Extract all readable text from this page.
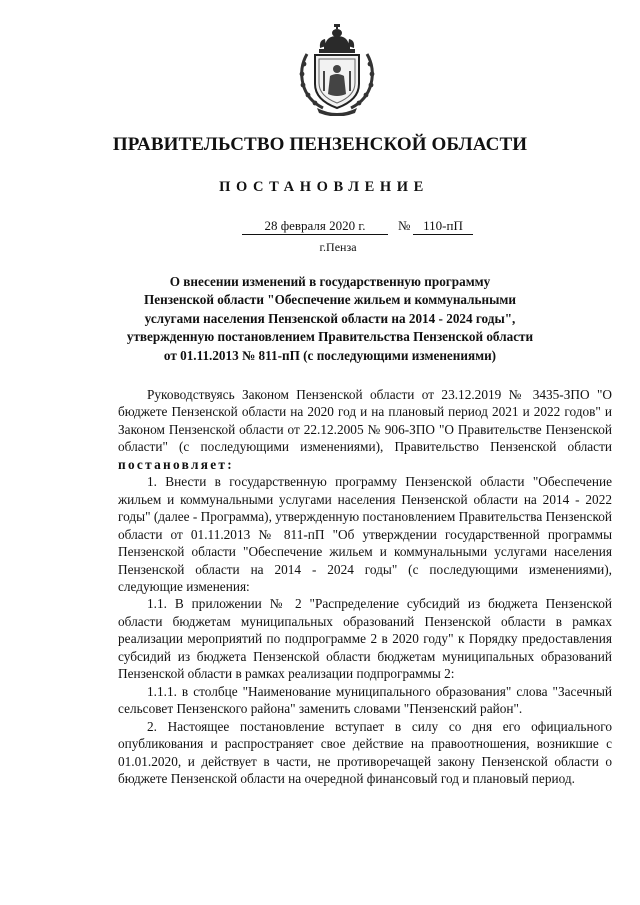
ПРАВИТЕЛЬСТВО ПЕНЗЕНСКОЙ ОБЛАСТИ
ПОСТАНОВЛЕНИЕ
28 февраля 2020 г.	№ 110-пП
г.Пенза
О внесении изменений в государственную программу
Пензенской области "Обеспечение жильем и коммунальными
услугами населения Пензенской области на 2014 - 2024 годы",
утвержденную постановлением Правительства Пензенской области
от 01.11.2013 № 811-пП (с последующими изменениями)

Руководствуясь Законом Пензенской области от 23.12.2019 № 3435-ЗПО "О бюджете Пензенской области на 2020 год и на плановый период 2021 и 2022 годов" и Законом Пензенской области от 22.12.2005 № 906-ЗПО "О Правительстве Пензенской области" (с последующими изменениями), Правительство Пензенской области постановляет:

1. Внести в государственную программу Пензенской области "Обеспечение жильем и коммунальными услугами населения Пензенской области на 2014 - 2022 годы" (далее - Программа), утвержденную постановлением Правительства Пензенской области от 01.11.2013 № 811-пП "Об утверждении государственной программы Пензенской области "Обеспечение жильем и коммунальными услугами населения Пензенской области на 2014 - 2024 годы" (с последующими изменениями), следующие изменения:

1.1. В приложении № 2 "Распределение субсидий из бюджета Пензенской области бюджетам муниципальных образований Пензенской области в рамках реализации мероприятий по подпрограмме 2 в 2020 году" к Порядку предоставления субсидий из бюджета Пензенской области бюджетам муниципальных образований Пензенской области в рамках реализации подпрограммы 2:

1.1.1. в столбце "Наименование муниципального образования" слова "Засечный сельсовет Пензенского района" заменить словами "Пензенский район".

2. Настоящее постановление вступает в силу со дня его официального опубликования и распространяет свое действие на правоотношения, возникшие с 01.01.2020, и действует в части, не противоречащей закону Пензенской области о бюджете Пензенской области на очередной финансовый год и плановый период.
